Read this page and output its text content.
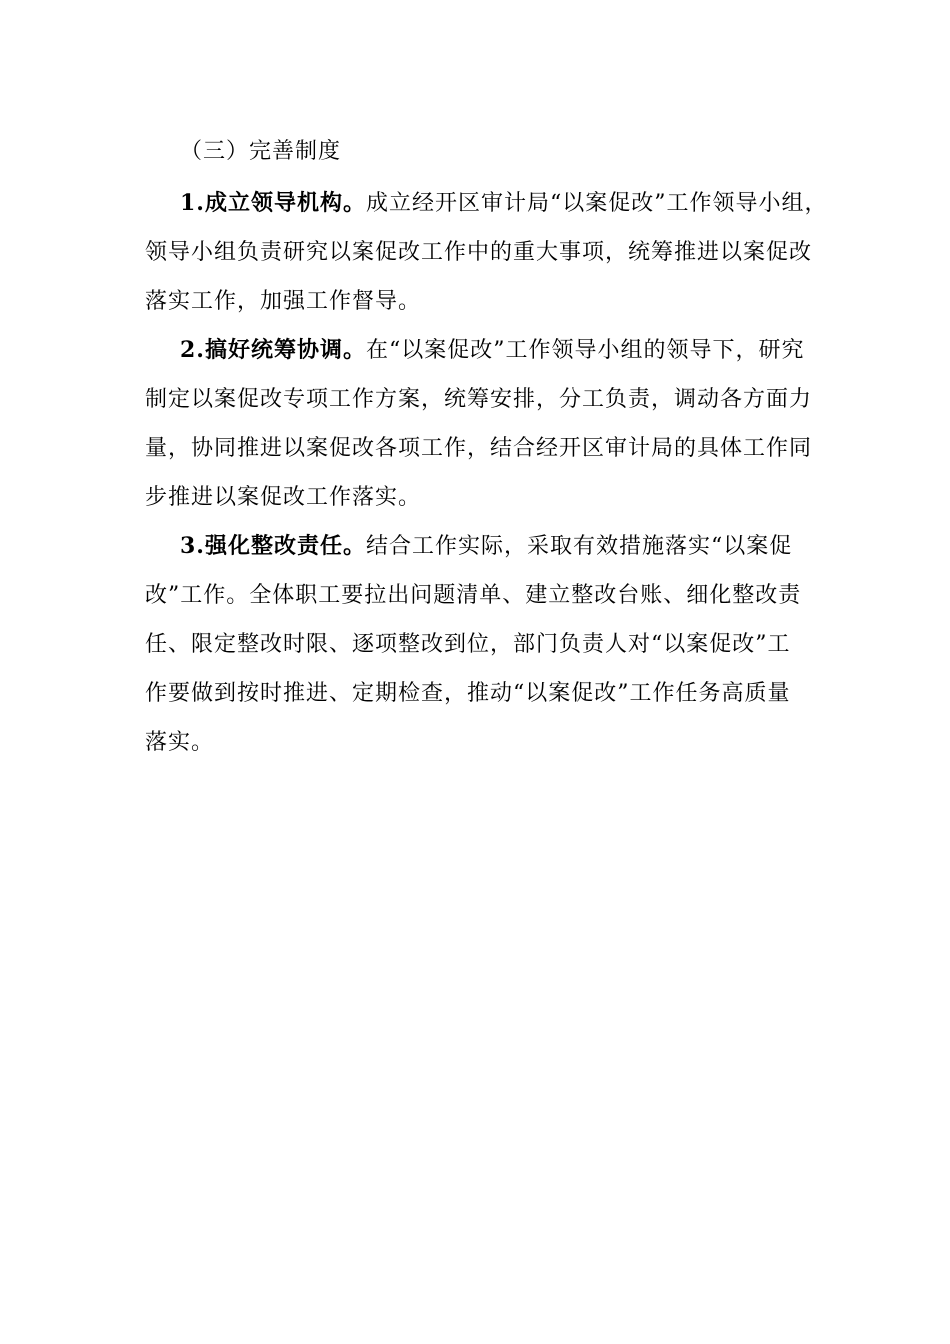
（三）完善制度
1.成立领导机构。成立经开区审计局“以案促改”工作领导小组，
领导小组负责研究以案促改工作中的重大事项，统筹推进以案促改
落实工作，加强工作督导。
2.搞好统筹协调。在“以案促改”工作领导小组的领导下，研究
制定以案促改专项工作方案，统筹安排，分工负责，调动各方面力
量，协同推进以案促改各项工作，结合经开区审计局的具体工作同
步推进以案促改工作落实。
3.强化整改责任。结合工作实际，采取有效措施落实“以案促
改”工作。全体职工要拉出问题清单、建立整改台账、细化整改责
任、限定整改时限、逐项整改到位，部门负责人对“以案促改”工
作要做到按时推进、定期检查，推动“以案促改”工作任务高质量
落实。
